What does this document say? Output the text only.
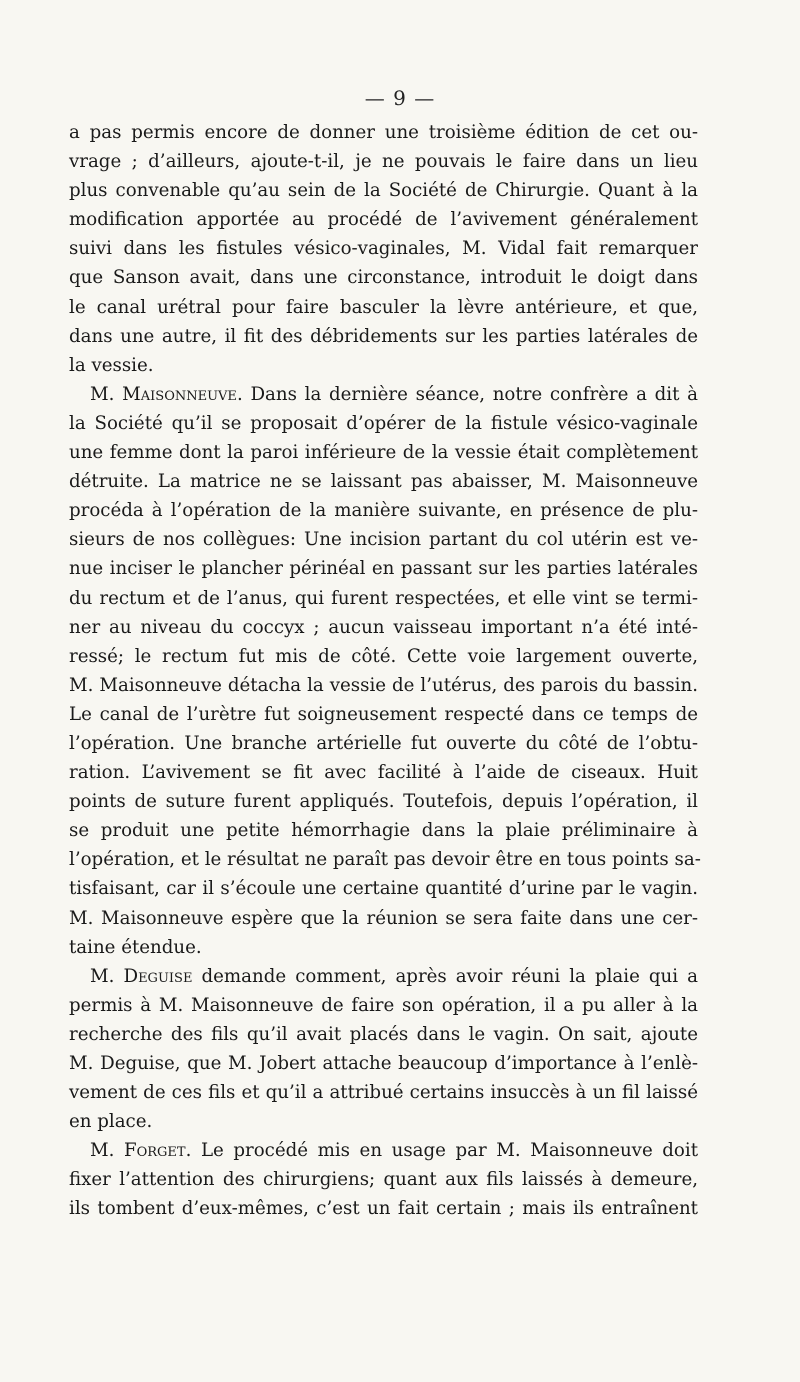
— 9 —
a pas permis encore de donner une troisième édition de cet ou-
vrage ; d’ailleurs, ajoute-t-il, je ne pouvais le faire dans un lieu
plus convenable qu’au sein de la Société de Chirurgie. Quant à la
modification apportée au procédé de l’avivement généralement
suivi dans les fistules vésico-vaginales, M. Vidal fait remarquer
que Sanson avait, dans une circonstance, introduit le doigt dans
le canal urétral pour faire basculer la lèvre antérieure, et que,
dans une autre, il fit des débridements sur les parties latérales de
la vessie.
M. Maisonneuve. Dans la dernière séance, notre confrère a dit à
la Société qu’il se proposait d’opérer de la fistule vésico-vaginale
une femme dont la paroi inférieure de la vessie était complètement
détruite. La matrice ne se laissant pas abaisser, M. Maisonneuve
procéda à l’opération de la manière suivante, en présence de plu-
sieurs de nos collègues: Une incision partant du col utérin est ve-
nue inciser le plancher périnéal en passant sur les parties latérales
du rectum et de l’anus, qui furent respectées, et elle vint se termi-
ner au niveau du coccyx ; aucun vaisseau important n’a été inté-
ressé; le rectum fut mis de côté. Cette voie largement ouverte,
M. Maisonneuve détacha la vessie de l’utérus, des parois du bassin.
Le canal de l’urètre fut soigneusement respecté dans ce temps de
l’opération. Une branche artérielle fut ouverte du côté de l’obtu-
ration. L’avivement se fit avec facilité à l’aide de ciseaux. Huit
points de suture furent appliqués. Toutefois, depuis l’opération, il
se produit une petite hémorrhagie dans la plaie préliminaire à
l’opération, et le résultat ne paraît pas devoir être en tous points sa-
tisfaisant, car il s’écoule une certaine quantité d’urine par le vagin.
M. Maisonneuve espère que la réunion se sera faite dans une cer-
taine étendue.
M. Deguise demande comment, après avoir réuni la plaie qui a
permis à M. Maisonneuve de faire son opération, il a pu aller à la
recherche des fils qu’il avait placés dans le vagin. On sait, ajoute
M. Deguise, que M. Jobert attache beaucoup d’importance à l’enlè-
vement de ces fils et qu’il a attribué certains insuccès à un fil laissé
en place.
M. Forget. Le procédé mis en usage par M. Maisonneuve doit
fixer l’attention des chirurgiens; quant aux fils laissés à demeure,
ils tombent d’eux-mêmes, c’est un fait certain ; mais ils entraînent
